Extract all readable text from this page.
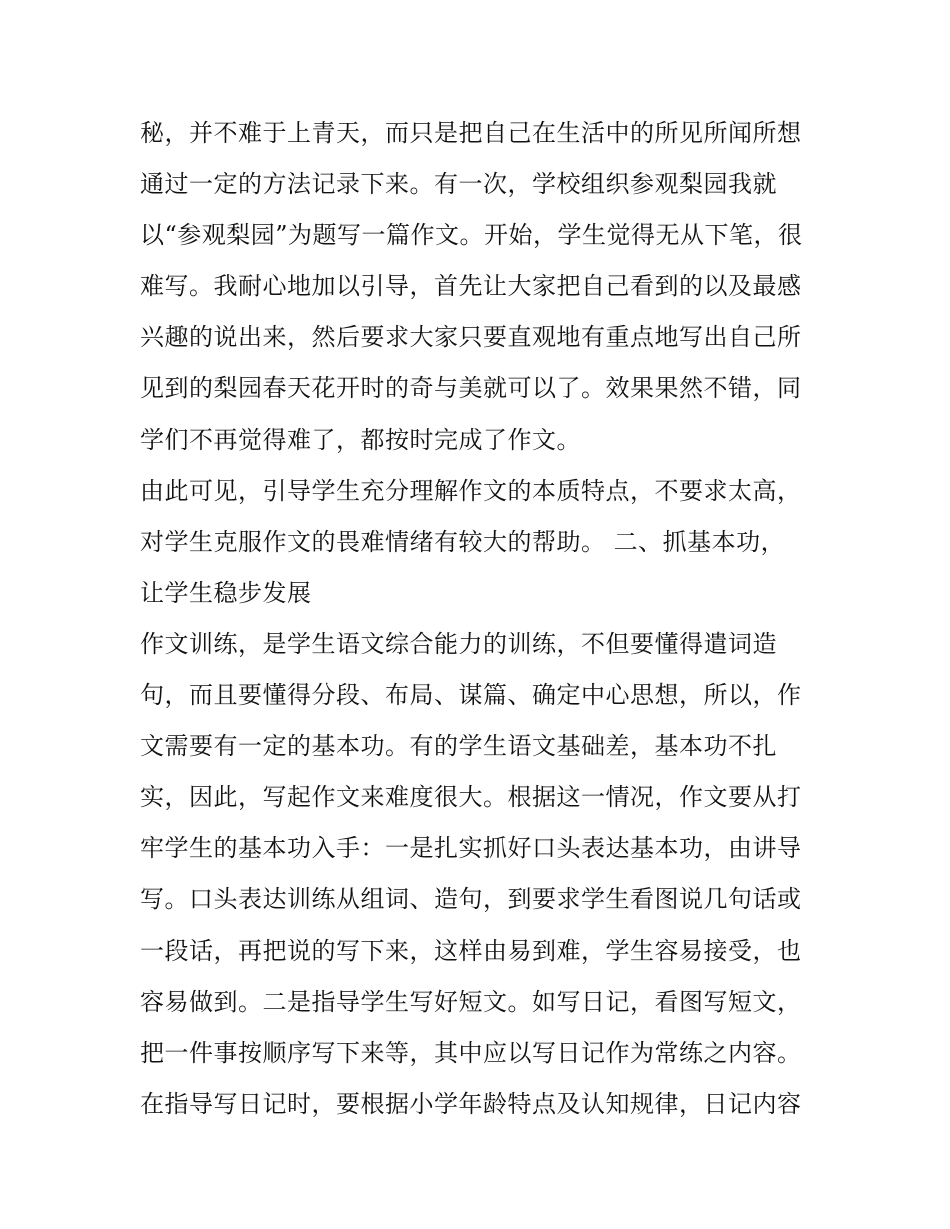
秘，并不难于上青天，而只是把自己在生活中的所见所闻所想
通过一定的方法记录下来。有一次，学校组织参观梨园我就
以“参观梨园”为题写一篇作文。开始，学生觉得无从下笔，很
难写。我耐心地加以引导，首先让大家把自己看到的以及最感
兴趣的说出来，然后要求大家只要直观地有重点地写出自己所
见到的梨园春天花开时的奇与美就可以了。效果果然不错，同
学们不再觉得难了，都按时完成了作文。
由此可见，引导学生充分理解作文的本质特点，不要求太高，
对学生克服作文的畏难情绪有较大的帮助。 二、抓基本功，
让学生稳步发展
作文训练，是学生语文综合能力的训练，不但要懂得遣词造
句，而且要懂得分段、布局、谋篇、确定中心思想，所以，作
文需要有一定的基本功。有的学生语文基础差，基本功不扎
实，因此，写起作文来难度很大。根据这一情况，作文要从打
牢学生的基本功入手：一是扎实抓好口头表达基本功，由讲导
写。口头表达训练从组词、造句，到要求学生看图说几句话或
一段话，再把说的写下来，这样由易到难，学生容易接受，也
容易做到。二是指导学生写好短文。如写日记，看图写短文，
把一件事按顺序写下来等，其中应以写日记作为常练之内容。
在指导写日记时，要根据小学年龄特点及认知规律，日记内容
